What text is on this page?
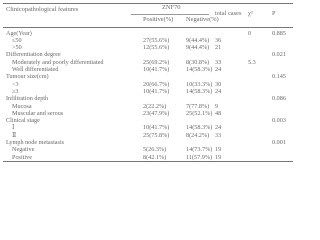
Clinicopathological features	ZNF70
Positive(%) Negative(%)
total cases χ²	P
Age(Year)	0	0.885
≤50	27(55.6%)	9(44.4%) 36
>50	12(55.6%)	9(44.4%) 21
Differentiation degree	0.021
Moderately and poorly differentiated	25(69.2%)	8(30.8%) 33	5.3
Well differentiated	10(41.7%)	14(58.3%) 24
Tumour size(cm)	0.145
<3	20(66.7%)	10(33.3%) 30
≥3	10(41.7%)	14(58.3%) 24
Infiltration depth	0.086
Mucosa	2(22.2%)	7(77.8%) 9
Muscular and serous	23(47.9%)	25(52.1%) 48
Clinical stage	0.003
Ⅰ	10(41.7%)	14(58.3%) 24
Ⅱ	25(75.8%)	8(24.2%) 33
Lymph node metastasis	0.001
Negative	5(26.3%)	14(73.7%) 19
Positive	8(42.1%)	11(57.9%) 19
